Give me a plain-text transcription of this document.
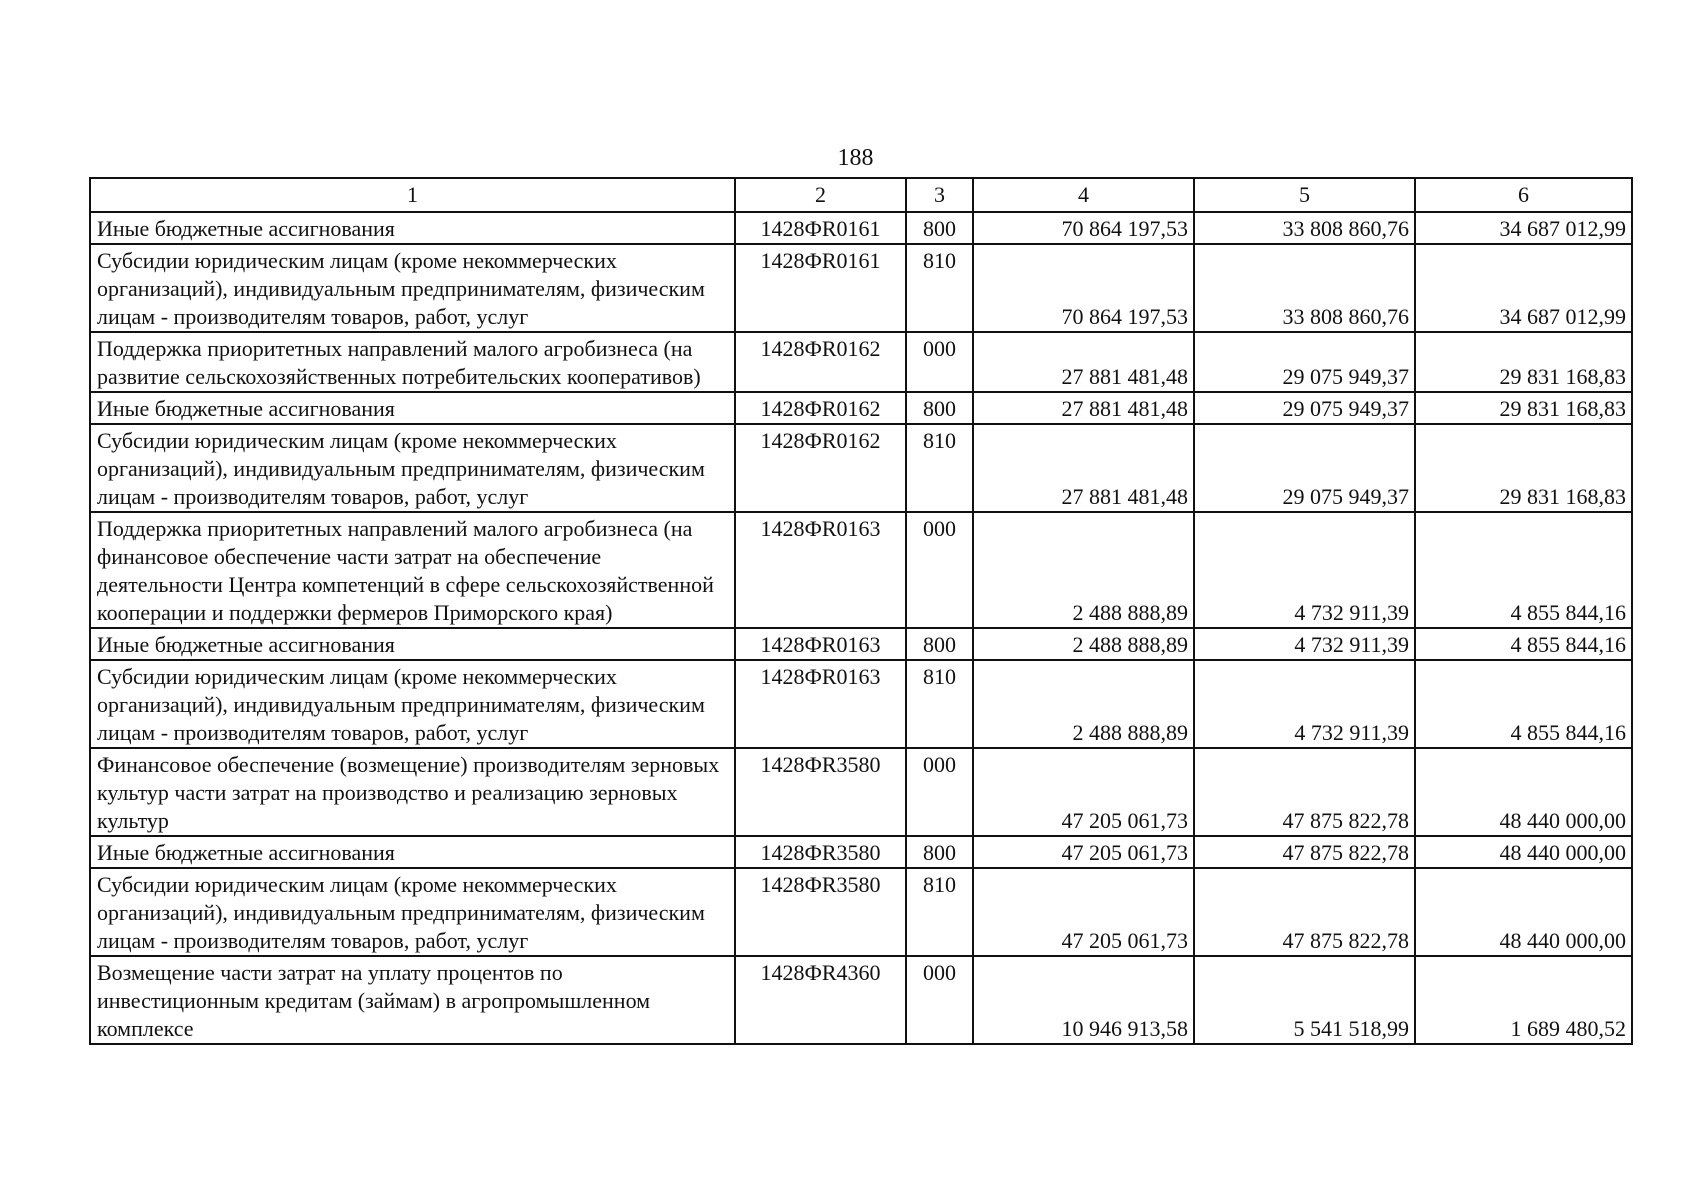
188
1	2	3	4	5	6
Иные бюджетные ассигнования	1428ФR0161	800	70 864 197,53	33 808 860,76	34 687 012,99
Субсидии юридическим лицам (кроме некоммерческих организаций), индивидуальным предпринимателям, физическим лицам - производителям товаров, работ, услуг	1428ФR0161	810	70 864 197,53	33 808 860,76	34 687 012,99
Поддержка приоритетных направлений малого агробизнеса (на развитие сельскохозяйственных потребительских кооперативов)	1428ФR0162	000	27 881 481,48	29 075 949,37	29 831 168,83
Иные бюджетные ассигнования	1428ФR0162	800	27 881 481,48	29 075 949,37	29 831 168,83
Субсидии юридическим лицам (кроме некоммерческих организаций), индивидуальным предпринимателям, физическим лицам - производителям товаров, работ, услуг	1428ФR0162	810	27 881 481,48	29 075 949,37	29 831 168,83
Поддержка приоритетных направлений малого агробизнеса (на финансовое обеспечение части затрат на обеспечение деятельности Центра компетенций в сфере сельскохозяйственной кооперации и поддержки фермеров Приморского края)	1428ФR0163	000	2 488 888,89	4 732 911,39	4 855 844,16
Иные бюджетные ассигнования	1428ФR0163	800	2 488 888,89	4 732 911,39	4 855 844,16
Субсидии юридическим лицам (кроме некоммерческих организаций), индивидуальным предпринимателям, физическим лицам - производителям товаров, работ, услуг	1428ФR0163	810	2 488 888,89	4 732 911,39	4 855 844,16
Финансовое обеспечение (возмещение) производителям зерновых культур части затрат на производство и реализацию зерновых культур	1428ФR3580	000	47 205 061,73	47 875 822,78	48 440 000,00
Иные бюджетные ассигнования	1428ФR3580	800	47 205 061,73	47 875 822,78	48 440 000,00
Субсидии юридическим лицам (кроме некоммерческих организаций), индивидуальным предпринимателям, физическим лицам - производителям товаров, работ, услуг	1428ФR3580	810	47 205 061,73	47 875 822,78	48 440 000,00
Возмещение части затрат на уплату процентов по инвестиционным кредитам (займам) в агропромышленном комплексе	1428ФR4360	000	10 946 913,58	5 541 518,99	1 689 480,52
